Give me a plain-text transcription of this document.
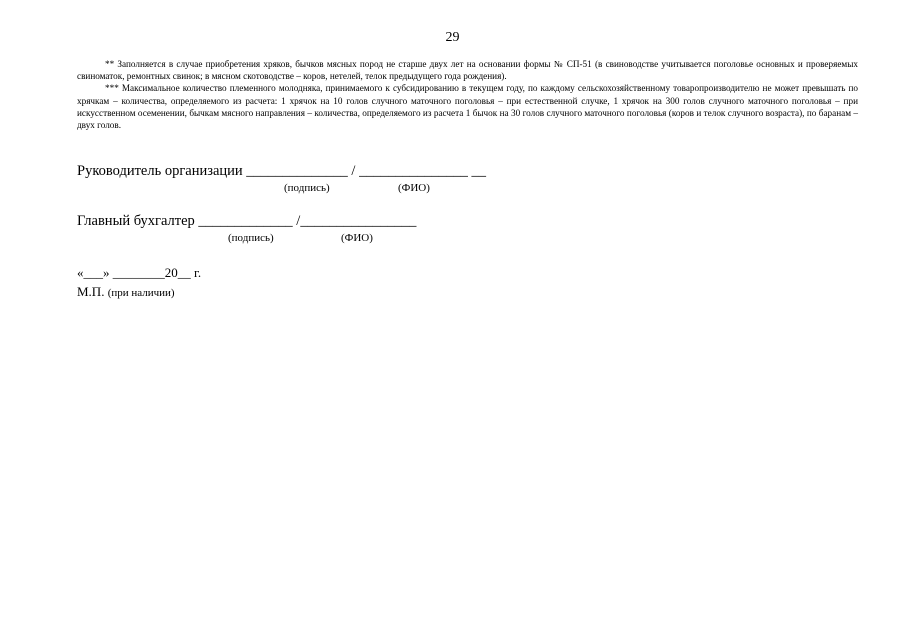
29

** Заполняется в случае приобретения хряков, бычков мясных пород не старше двух лет на основании формы № СП-51 (в свиноводстве учитывается поголовье основных и проверяемых свиноматок, ремонтных свинок; в мясном скотоводстве – коров, нетелей, телок предыдущего года рождения).

*** Максимальное количество племенного молодняка, принимаемого к субсидированию в текущем году, по каждому сельскохозяйственному товаропроизводителю не может превышать по хрячкам – количества, определяемого из расчета: 1 хрячок на 10 голов случного маточного поголовья – при естественной случке, 1 хрячок на 300 голов случного маточного поголовья – при искусственном осеменении, бычкам мясного направления – количества, определяемого из расчета 1 бычок на 30 голов случного маточного поголовья (коров и телок случного возраста), по баранам – двух голов.

Руководитель организации ______________ / _______________ __
(подпись)	(ФИО)
Главный бухгалтер _____________ /________________
(подпись)	(ФИО)
«___» ________20__ г.
М.П. (при наличии)
